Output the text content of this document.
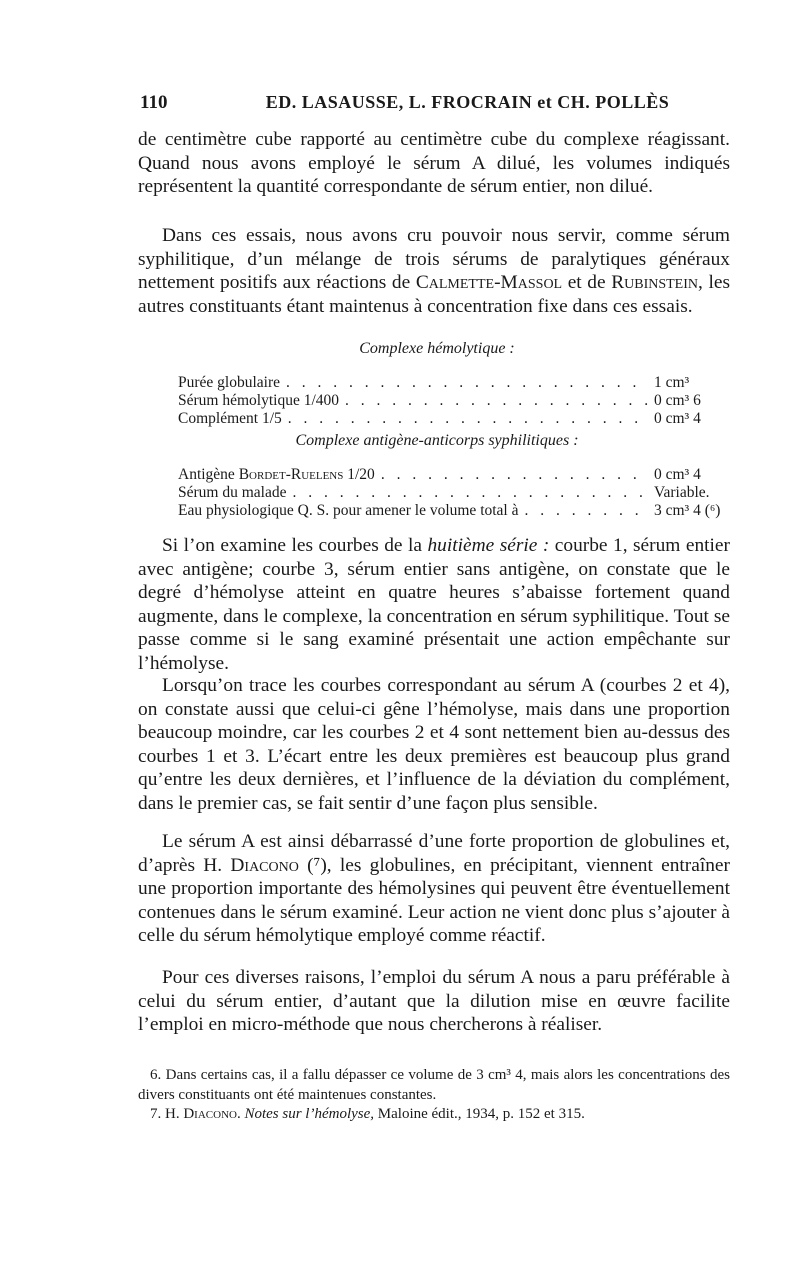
110	ED. LASAUSSE, L. FROCRAIN et CH. POLLÈS

de centimètre cube rapporté au centimètre cube du complexe réagissant. Quand nous avons employé le sérum A dilué, les volumes indiqués représentent la quantité correspondante de sérum entier, non dilué.

Dans ces essais, nous avons cru pouvoir nous servir, comme sérum syphilitique, d’un mélange de trois sérums de paralytiques généraux nettement positifs aux réactions de Calmette-Massol et de Rubinstein, les autres constituants étant maintenus à concentration fixe dans ces essais.

Complexe hémolytique :

Purée globulaire . . .	1 cm³
Sérum hémolytique 1/400 . . .	0 cm³ 6
Complément 1/5 . . .	0 cm³ 4

Complexe antigène-anticorps syphilitiques :

Antigène Bordet-Ruelens 1/20 . . .	0 cm³ 4
Sérum du malade . . .	Variable.
Eau physiologique Q. S. pour amener le volume total à . . .	3 cm³ 4 (⁶)

Si l’on examine les courbes de la huitième série : courbe 1, sérum entier avec antigène; courbe 3, sérum entier sans antigène, on constate que le degré d’hémolyse atteint en quatre heures s’abaisse fortement quand augmente, dans le complexe, la concentration en sérum syphilitique. Tout se passe comme si le sang examiné présentait une action empêchante sur l’hémolyse.

Lorsqu’on trace les courbes correspondant au sérum A (courbes 2 et 4), on constate aussi que celui-ci gêne l’hémolyse, mais dans une proportion beaucoup moindre, car les courbes 2 et 4 sont nettement bien au-dessus des courbes 1 et 3. L’écart entre les deux premières est beaucoup plus grand qu’entre les deux dernières, et l’influence de la déviation du complément, dans le premier cas, se fait sentir d’une façon plus sensible.

Le sérum A est ainsi débarrassé d’une forte proportion de globulines et, d’après H. Diacono (⁷), les globulines, en précipitant, viennent entraîner une proportion importante des hémolysines qui peuvent être éventuellement contenues dans le sérum examiné. Leur action ne vient donc plus s’ajouter à celle du sérum hémolytique employé comme réactif.

Pour ces diverses raisons, l’emploi du sérum A nous a paru préférable à celui du sérum entier, d’autant que la dilution mise en œuvre facilite l’emploi en micro-méthode que nous chercherons à réaliser.

6. Dans certains cas, il a fallu dépasser ce volume de 3 cm³ 4, mais alors les concentrations des divers constituants ont été maintenues constantes.

7. H. Diacono. Notes sur l’hémolyse, Maloine édit., 1934, p. 152 et 315.
